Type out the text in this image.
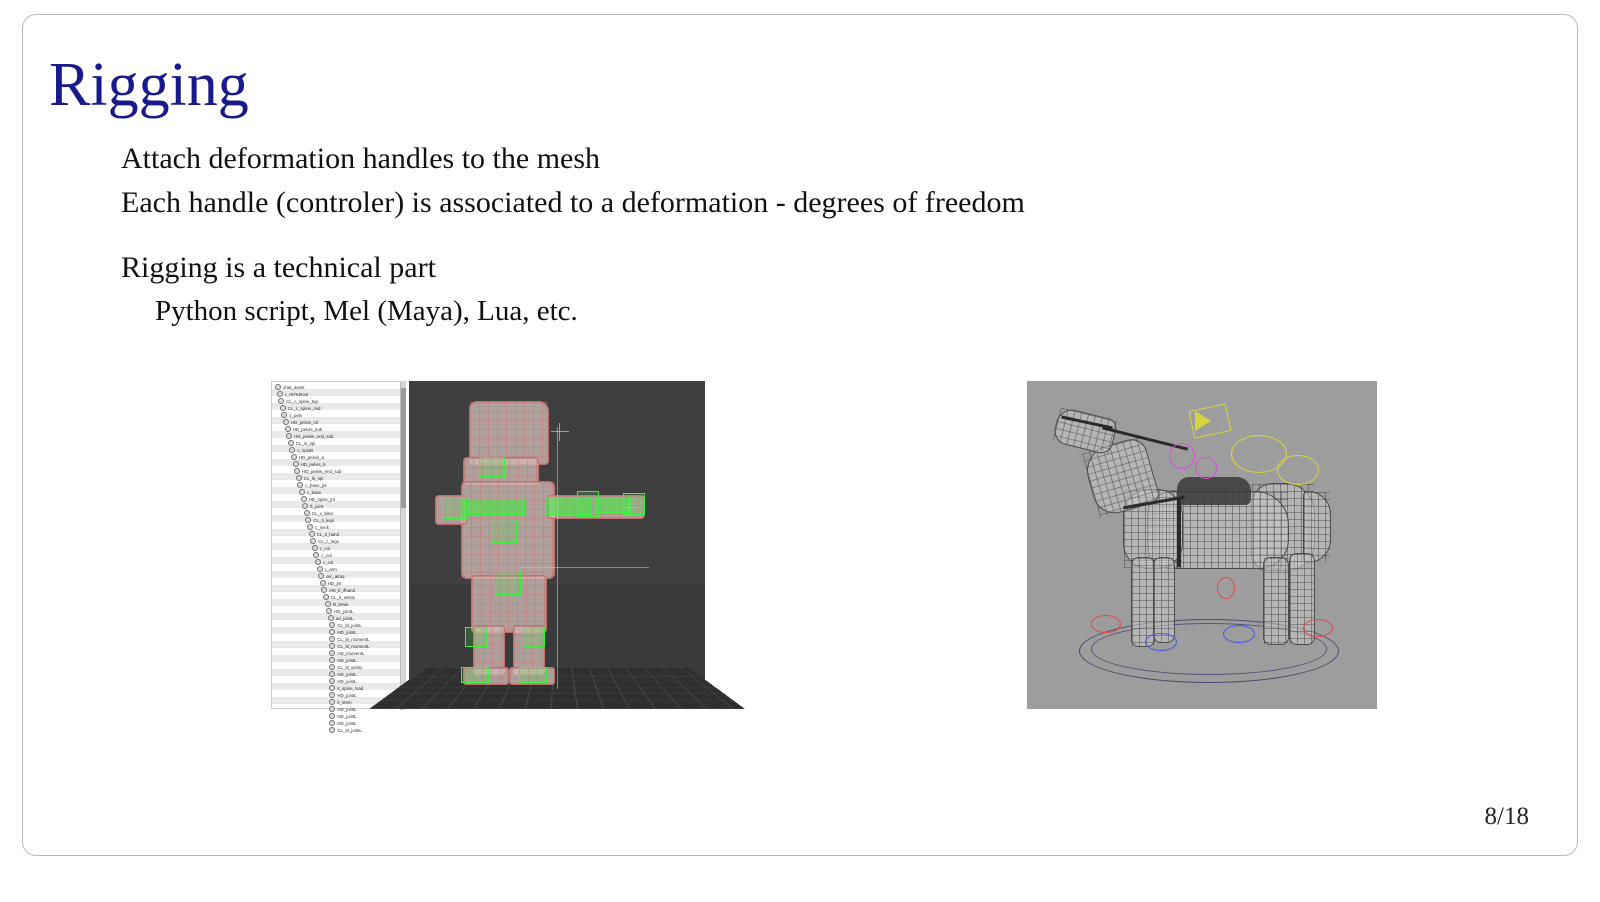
Rigging
Attach deformation handles to the mesh
Each handle (controler) is associated to a deformation - degrees of freedom
Rigging is a technical part
Python script, Mel (Maya), Lua, etc.
char_asset
c_IKFKRoot
CL_c_spine_top
CL_c_spine_mid
c_pelv
HD_pelvis_ctl
HD_pelvis_sub
HD_pelvis_end_sub
CL_in_spi
c_spinB
HD_pelvis_a
HD_pelvis_b
HD_pelvis_end_sub
CL_hi_spi
c_base_jnt
c_base
HD_spine_jnt
ft_joint
CL_c_bind
CL_ti_legs
c_neck
CL_ti_hand
CL_c_legs
c_col
c_col
c_col
c_arm
arc_atmq
HD_jnt
HD_b_ifhand
CL_ti_wristL
bl_brain
HD_jointL
ad_jointL
CL_bl_jointL
HD_jointL
CL_bl_momentL
CL_bl_momentL
HD_momentL
HD_jointL
CL_bl_wristL
HD_jointL
HD_jointL
it_spine_load
HD_jointL
it_stem
HD_jointL
HD_jointL
HD_jointL
CL_bl_jointL
8/18
